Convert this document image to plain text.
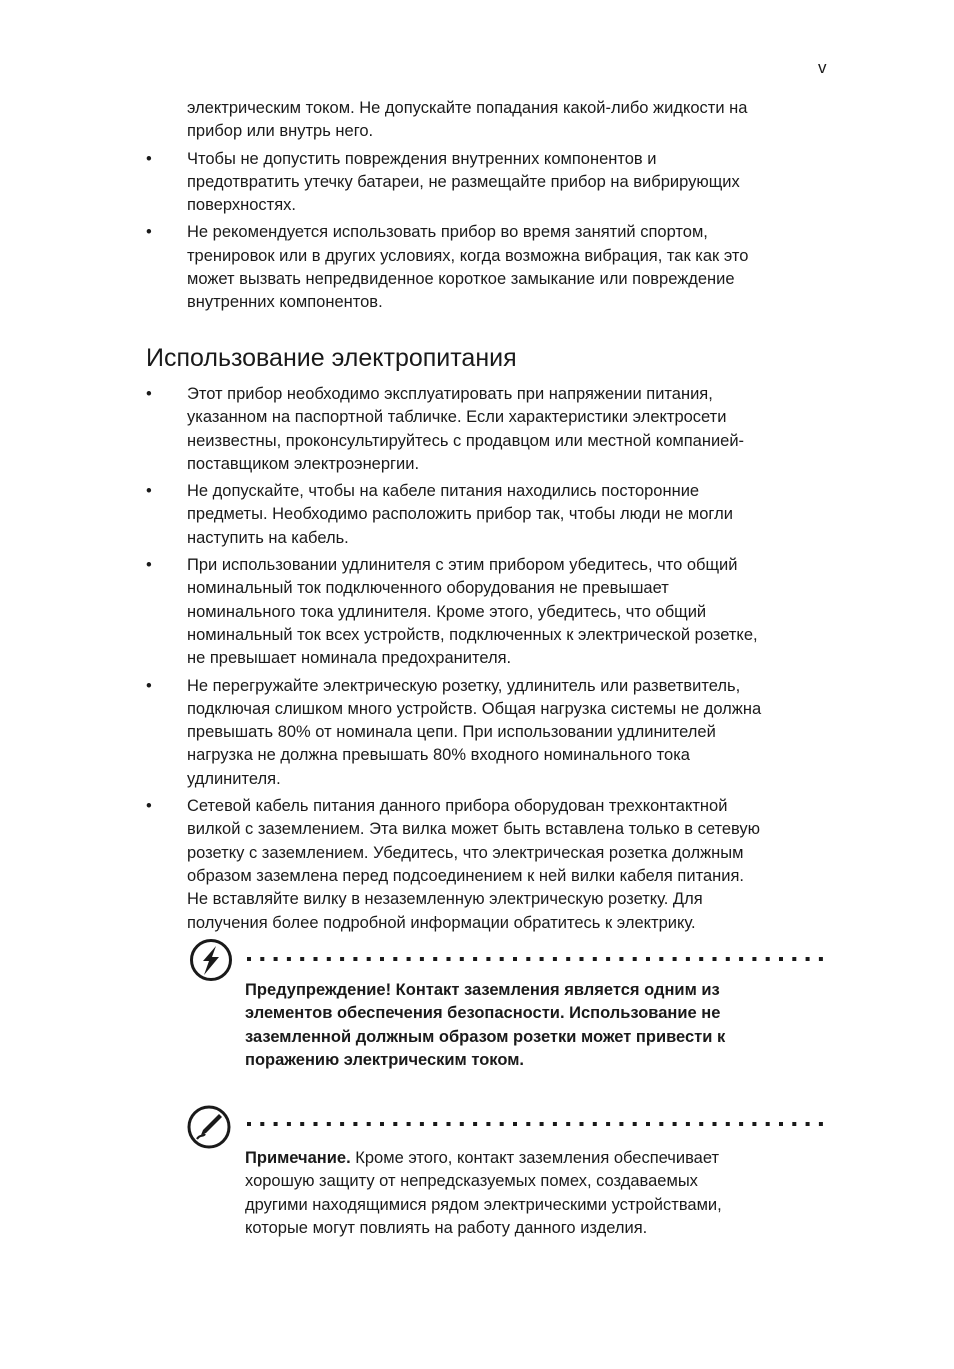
v
электрическим током. Не допускайте попадания какой-либо жидкости на
прибор или внутрь него.
• Чтобы не допустить повреждения внутренних компонентов и
предотвратить утечку батареи, не размещайте прибор на вибрирующих
поверхностях.
• Не рекомендуется использовать прибор во время занятий спортом,
тренировок или в других условиях, когда возможна вибрация, так как это
может вызвать непредвиденное короткое замыкание или повреждение
внутренних компонентов.
Использование электропитания
• Этот прибор необходимо эксплуатировать при напряжении питания,
указанном на паспортной табличке. Если характеристики электросети
неизвестны, проконсультируйтесь с продавцом или местной компанией-
поставщиком электроэнергии.
• Не допускайте, чтобы на кабеле питания находились посторонние
предметы. Необходимо расположить прибор так, чтобы люди не могли
наступить на кабель.
• При использовании удлинителя с этим прибором убедитесь, что общий
номинальный ток подключенного оборудования не превышает
номинального тока удлинителя. Кроме этого, убедитесь, что общий
номинальный ток всех устройств, подключенных к электрической розетке,
не превышает номинала предохранителя.
• Не перегружайте электрическую розетку, удлинитель или разветвитель,
подключая слишком много устройств. Общая нагрузка системы не должна
превышать 80% от номинала цепи. При использовании удлинителей
нагрузка не должна превышать 80% входного номинального тока
удлинителя.
• Сетевой кабель питания данного прибора оборудован трехконтактной
вилкой с заземлением. Эта вилка может быть вставлена только в сетевую
розетку с заземлением. Убедитесь, что электрическая розетка должным
образом заземлена перед подсоединением к ней вилки кабеля питания.
Не вставляйте вилку в незаземленную электрическую розетку. Для
получения более подробной информации обратитесь к электрику.
Предупреждение! Контакт заземления является одним из
элементов обеспечения безопасности. Использование не
заземленной должным образом розетки может привести к
поражению электрическим током.
Примечание. Кроме этого, контакт заземления обеспечивает
хорошую защиту от непредсказуемых помех, создаваемых
другими находящимися рядом электрическими устройствами,
которые могут повлиять на работу данного изделия.
